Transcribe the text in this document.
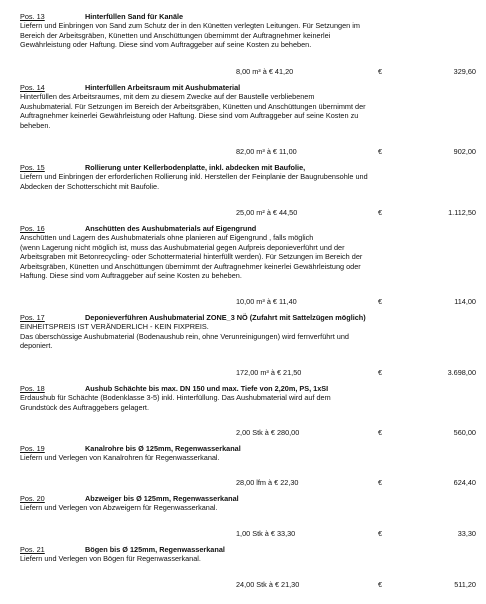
Pos. 13	Hinterfüllen Sand für Kanäle
Liefern und Einbringen von Sand zum Schutz der in den Künetten verlegten Leitungen. Für Setzungen im
Bereich der Arbeitsgräben, Künetten und Anschüttungen übernimmt der Auftragnehmer keinerlei
Gewährleistung oder Haftung. Diese sind vom Auftraggeber auf seine Kosten zu beheben.
8,00 m³ à € 41,20	€	329,60
Pos. 14	Hinterfüllen Arbeitsraum mit Aushubmaterial
Hinterfüllen des Arbeitsraumes, mit dem zu diesem Zwecke auf der Baustelle verbliebenem
Aushubmaterial. Für Setzungen im Bereich der Arbeitsgräben, Künetten und Anschüttungen übernimmt der
Auftragnehmer keinerlei Gewährleistung oder Haftung. Diese sind vom Auftraggeber auf seine Kosten zu
beheben.
82,00 m³ à € 11,00	€	902,00
Pos. 15	Rollierung unter Kellerbodenplatte, inkl. abdecken mit Baufolie,
Liefern und Einbringen der erforderlichen Rollierung inkl. Herstellen der Feinplanie der Baugrubensohle und
Abdecken der Schotterschicht mit Baufolie.
25,00 m² à € 44,50	€	1.112,50
Pos. 16	Anschütten des Aushubmaterials auf Eigengrund
Anschütten und Lagern des Aushubmaterials ohne planieren auf Eigengrund , falls möglich
(wenn Lagerung nicht möglich ist, muss das Aushubmaterial gegen Aufpreis deponieverführt und der
Arbeitsgraben mit Betonrecycling- oder Schottermaterial hinterfüllt werden). Für Setzungen im Bereich der
Arbeitsgräben, Künetten und Anschüttungen übernimmt der Auftragnehmer keinerlei Gewährleistung oder
Haftung. Diese sind vom Auftraggeber auf seine Kosten zu beheben.
10,00 m³ à € 11,40	€	114,00
Pos. 17	Deponieverführen Aushubmaterial ZONE_3 NÖ (Zufahrt mit Sattelzügen möglich)
EINHEITSPREIS IST VERÄNDERLICH - KEIN FIXPREIS.
Das überschüssige Aushubmaterial (Bodenaushub rein, ohne Verunreinigungen) wird fernverführt und
deponiert.
172,00 m³ à € 21,50	€	3.698,00
Pos. 18	Aushub Schächte bis max. DN 150 und max. Tiefe von 2,20m, PS, 1xSI
Erdaushub für Schächte (Bodenklasse 3-5) inkl. Hinterfüllung. Das Aushubmaterial wird auf dem
Grundstück des Auftraggebers gelagert.
2,00 Stk à € 280,00	€	560,00
Pos. 19	Kanalrohre bis Ø 125mm, Regenwasserkanal
Liefern und Verlegen von Kanalrohren für Regenwasserkanal.
28,00 lfm à € 22,30	€	624,40
Pos. 20	Abzweiger bis Ø 125mm, Regenwasserkanal
Liefern und Verlegen von Abzweigern für Regenwasserkanal.
1,00 Stk à € 33,30	€	33,30
Pos. 21	Bögen bis Ø 125mm, Regenwasserkanal
Liefern und Verlegen von Bögen für Regenwasserkanal.
24,00 Stk à € 21,30	€	511,20
